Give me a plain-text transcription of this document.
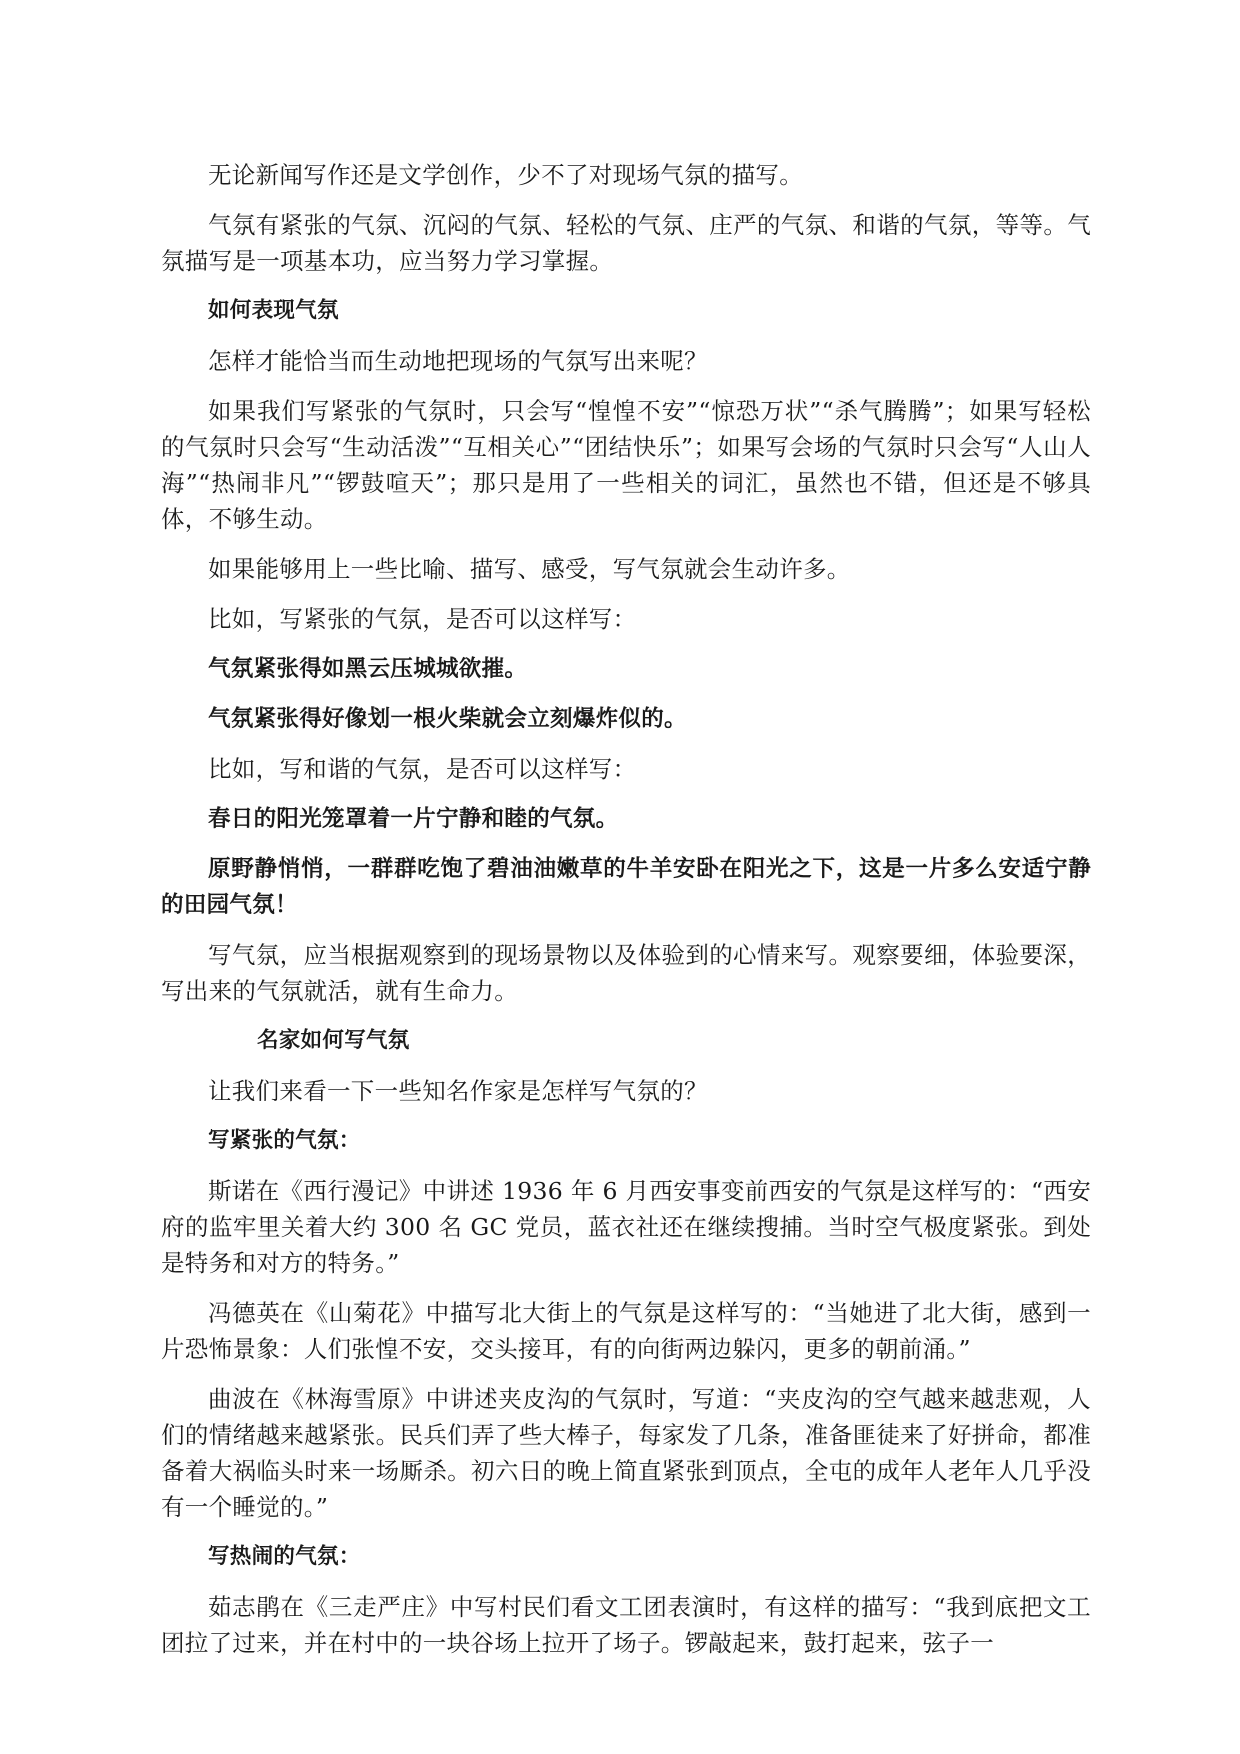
无论新闻写作还是文学创作，少不了对现场气氛的描写。

气氛有紧张的气氛、沉闷的气氛、轻松的气氛、庄严的气氛、和谐的气氛，等等。气氛描写是一项基本功，应当努力学习掌握。

如何表现气氛

怎样才能恰当而生动地把现场的气氛写出来呢？

如果我们写紧张的气氛时，只会写“惶惶不安”“惊恐万状”“杀气腾腾”；如果写轻松的气氛时只会写“生动活泼”“互相关心”“团结快乐”；如果写会场的气氛时只会写“人山人海”“热闹非凡”“锣鼓喧天”；那只是用了一些相关的词汇，虽然也不错，但还是不够具体，不够生动。

如果能够用上一些比喻、描写、感受，写气氛就会生动许多。

比如，写紧张的气氛，是否可以这样写：

气氛紧张得如黑云压城城欲摧。

气氛紧张得好像划一根火柴就会立刻爆炸似的。

比如，写和谐的气氛，是否可以这样写：

春日的阳光笼罩着一片宁静和睦的气氛。

原野静悄悄，一群群吃饱了碧油油嫩草的牛羊安卧在阳光之下，这是一片多么安适宁静的田园气氛！

写气氛，应当根据观察到的现场景物以及体验到的心情来写。观察要细，体验要深，写出来的气氛就活，就有生命力。

名家如何写气氛

让我们来看一下一些知名作家是怎样写气氛的？

写紧张的气氛：

斯诺在《西行漫记》中讲述 1936 年 6 月西安事变前西安的气氛是这样写的：“西安府的监牢里关着大约 300 名 GC 党员，蓝衣社还在继续搜捕。当时空气极度紧张。到处是特务和对方的特务。”

冯德英在《山菊花》中描写北大街上的气氛是这样写的：“当她进了北大街，感到一片恐怖景象：人们张惶不安，交头接耳，有的向街两边躲闪，更多的朝前涌。”

曲波在《林海雪原》中讲述夹皮沟的气氛时，写道：“夹皮沟的空气越来越悲观，人们的情绪越来越紧张。民兵们弄了些大棒子，每家发了几条，准备匪徒来了好拼命，都准备着大祸临头时来一场厮杀。初六日的晚上简直紧张到顶点，全屯的成年人老年人几乎没有一个睡觉的。”

写热闹的气氛：

茹志鹃在《三走严庄》中写村民们看文工团表演时，有这样的描写：“我到底把文工团拉了过来，并在村中的一块谷场上拉开了场子。锣敲起来，鼓打起来，弦子一
